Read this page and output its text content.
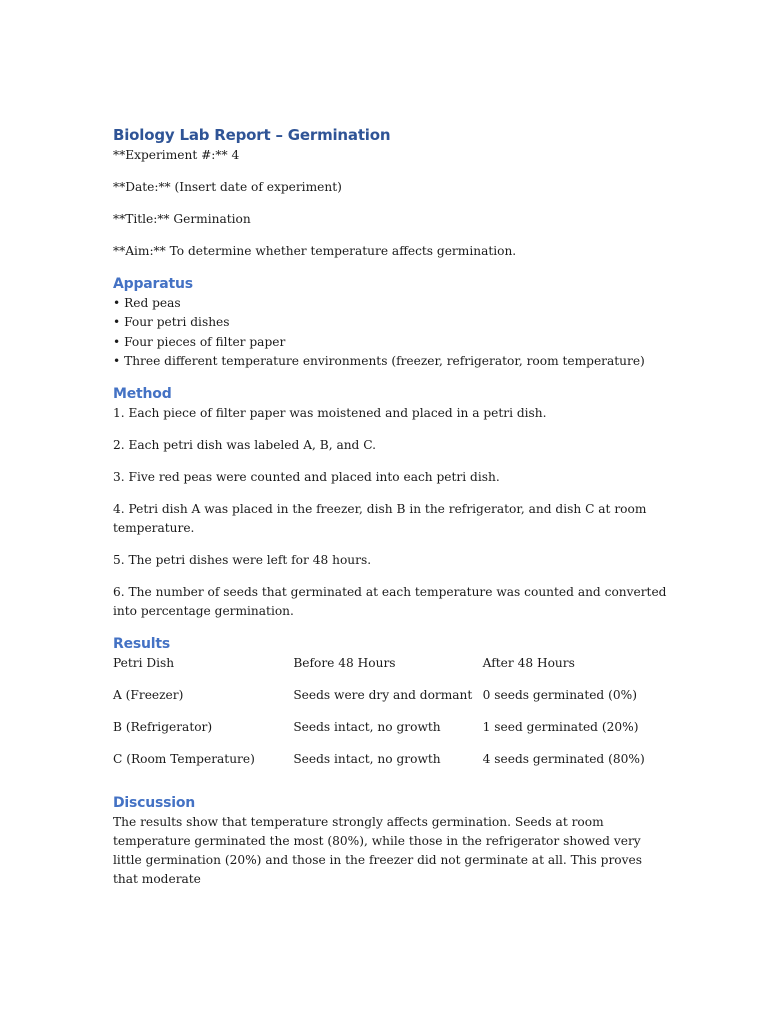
Biology Lab Report – Germination

**Experiment #:** 4

**Date:** (Insert date of experiment)

**Title:** Germination

**Aim:** To determine whether temperature affects germination.

Apparatus

• Red peas

• Four petri dishes

• Four pieces of filter paper

• Three different temperature environments (freezer, refrigerator, room temperature)

Method

1. Each piece of filter paper was moistened and placed in a petri dish.

2. Each petri dish was labeled A, B, and C.

3. Five red peas were counted and placed into each petri dish.

4. Petri dish A was placed in the freezer, dish B in the refrigerator, and dish C at room temperature.

5. The petri dishes were left for 48 hours.

6. The number of seeds that germinated at each temperature was counted and converted into percentage germination.

Results
Petri Dish	Before 48 Hours	After 48 Hours

A (Freezer)	Seeds were dry and dormant	0 seeds germinated (0%)

B (Refrigerator)	Seeds intact, no growth	1 seed germinated (20%)

C (Room Temperature)	Seeds intact, no growth	4 seeds germinated (80%)
Discussion

The results show that temperature strongly affects germination. Seeds at room temperature germinated the most (80%), while those in the refrigerator showed very little germination (20%) and those in the freezer did not germinate at all. This proves that moderate
